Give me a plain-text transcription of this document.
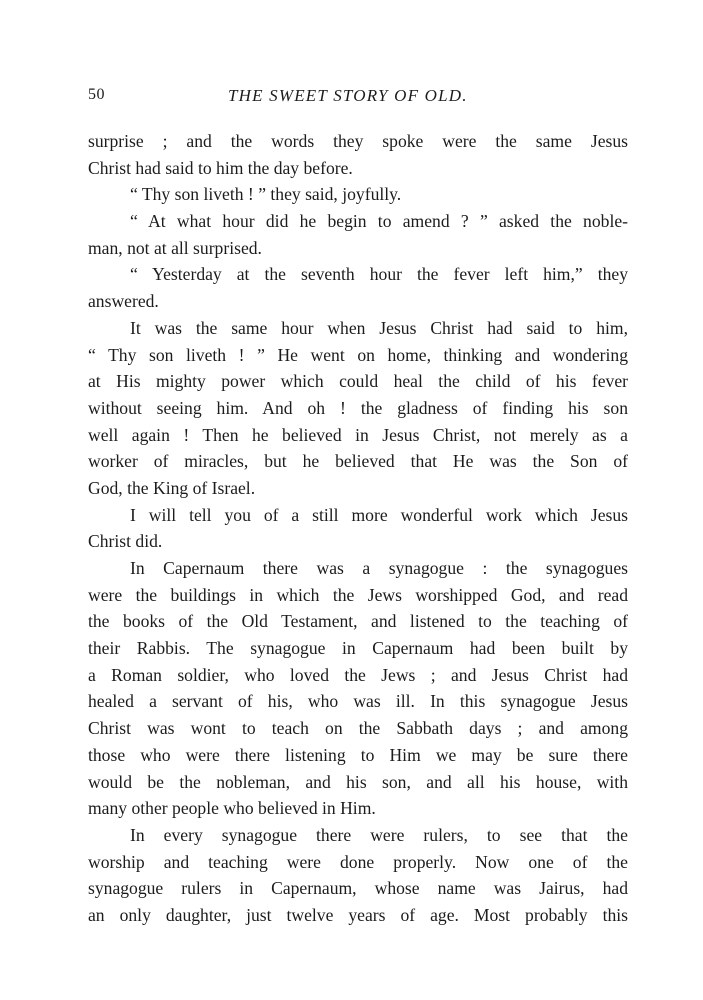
50	THE SWEET STORY OF OLD.
surprise ; and the words they spoke were the same Jesus
Christ had said to him the day before.
“ Thy son liveth ! ” they said, joyfully.
“ At what hour did he begin to amend ? ” asked the noble-
man, not at all surprised.
“ Yesterday at the seventh hour the fever left him,” they
answered.
It was the same hour when Jesus Christ had said to him,
“ Thy son liveth ! ” He went on home, thinking and wondering
at His mighty power which could heal the child of his fever
without seeing him. And oh ! the gladness of finding his son
well again ! Then he believed in Jesus Christ, not merely as a
worker of miracles, but he believed that He was the Son of
God, the King of Israel.
I will tell you of a still more wonderful work which Jesus
Christ did.
In Capernaum there was a synagogue : the synagogues
were the buildings in which the Jews worshipped God, and read
the books of the Old Testament, and listened to the teaching of
their Rabbis. The synagogue in Capernaum had been built by
a Roman soldier, who loved the Jews ; and Jesus Christ had
healed a servant of his, who was ill. In this synagogue Jesus
Christ was wont to teach on the Sabbath days ; and among
those who were there listening to Him we may be sure there
would be the nobleman, and his son, and all his house, with
many other people who believed in Him.
In every synagogue there were rulers, to see that the
worship and teaching were done properly. Now one of the
synagogue rulers in Capernaum, whose name was Jairus, had
an only daughter, just twelve years of age. Most probably this
